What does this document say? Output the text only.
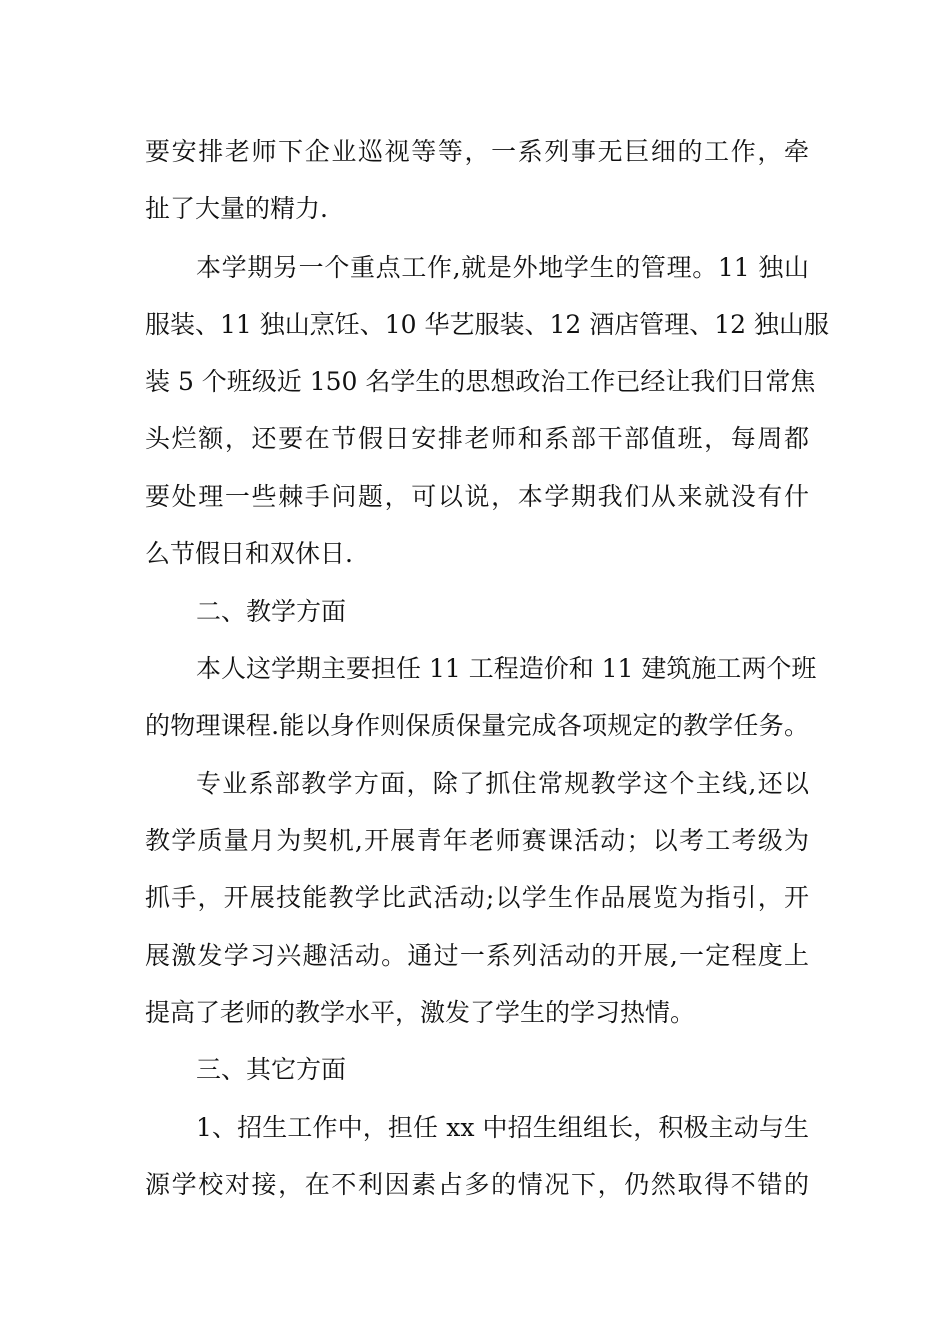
要安排老师下企业巡视等等，一系列事无巨细的工作，牵
扯了大量的精力.
本学期另一个重点工作,就是外地学生的管理。11 独山
服装、11 独山烹饪、10 华艺服装、12 酒店管理、12 独山服
装 5 个班级近 150 名学生的思想政治工作已经让我们日常焦
头烂额，还要在节假日安排老师和系部干部值班，每周都
要处理一些棘手问题，可以说，本学期我们从来就没有什
么节假日和双休日.
二、教学方面
本人这学期主要担任 11 工程造价和 11 建筑施工两个班
的物理课程.能以身作则保质保量完成各项规定的教学任务。
专业系部教学方面，除了抓住常规教学这个主线,还以
教学质量月为契机,开展青年老师赛课活动；以考工考级为
抓手，开展技能教学比武活动;以学生作品展览为指引，开
展激发学习兴趣活动。通过一系列活动的开展,一定程度上
提高了老师的教学水平，激发了学生的学习热情。
三、其它方面
1、招生工作中，担任 xx 中招生组组长，积极主动与生
源学校对接，在不利因素占多的情况下，仍然取得不错的
